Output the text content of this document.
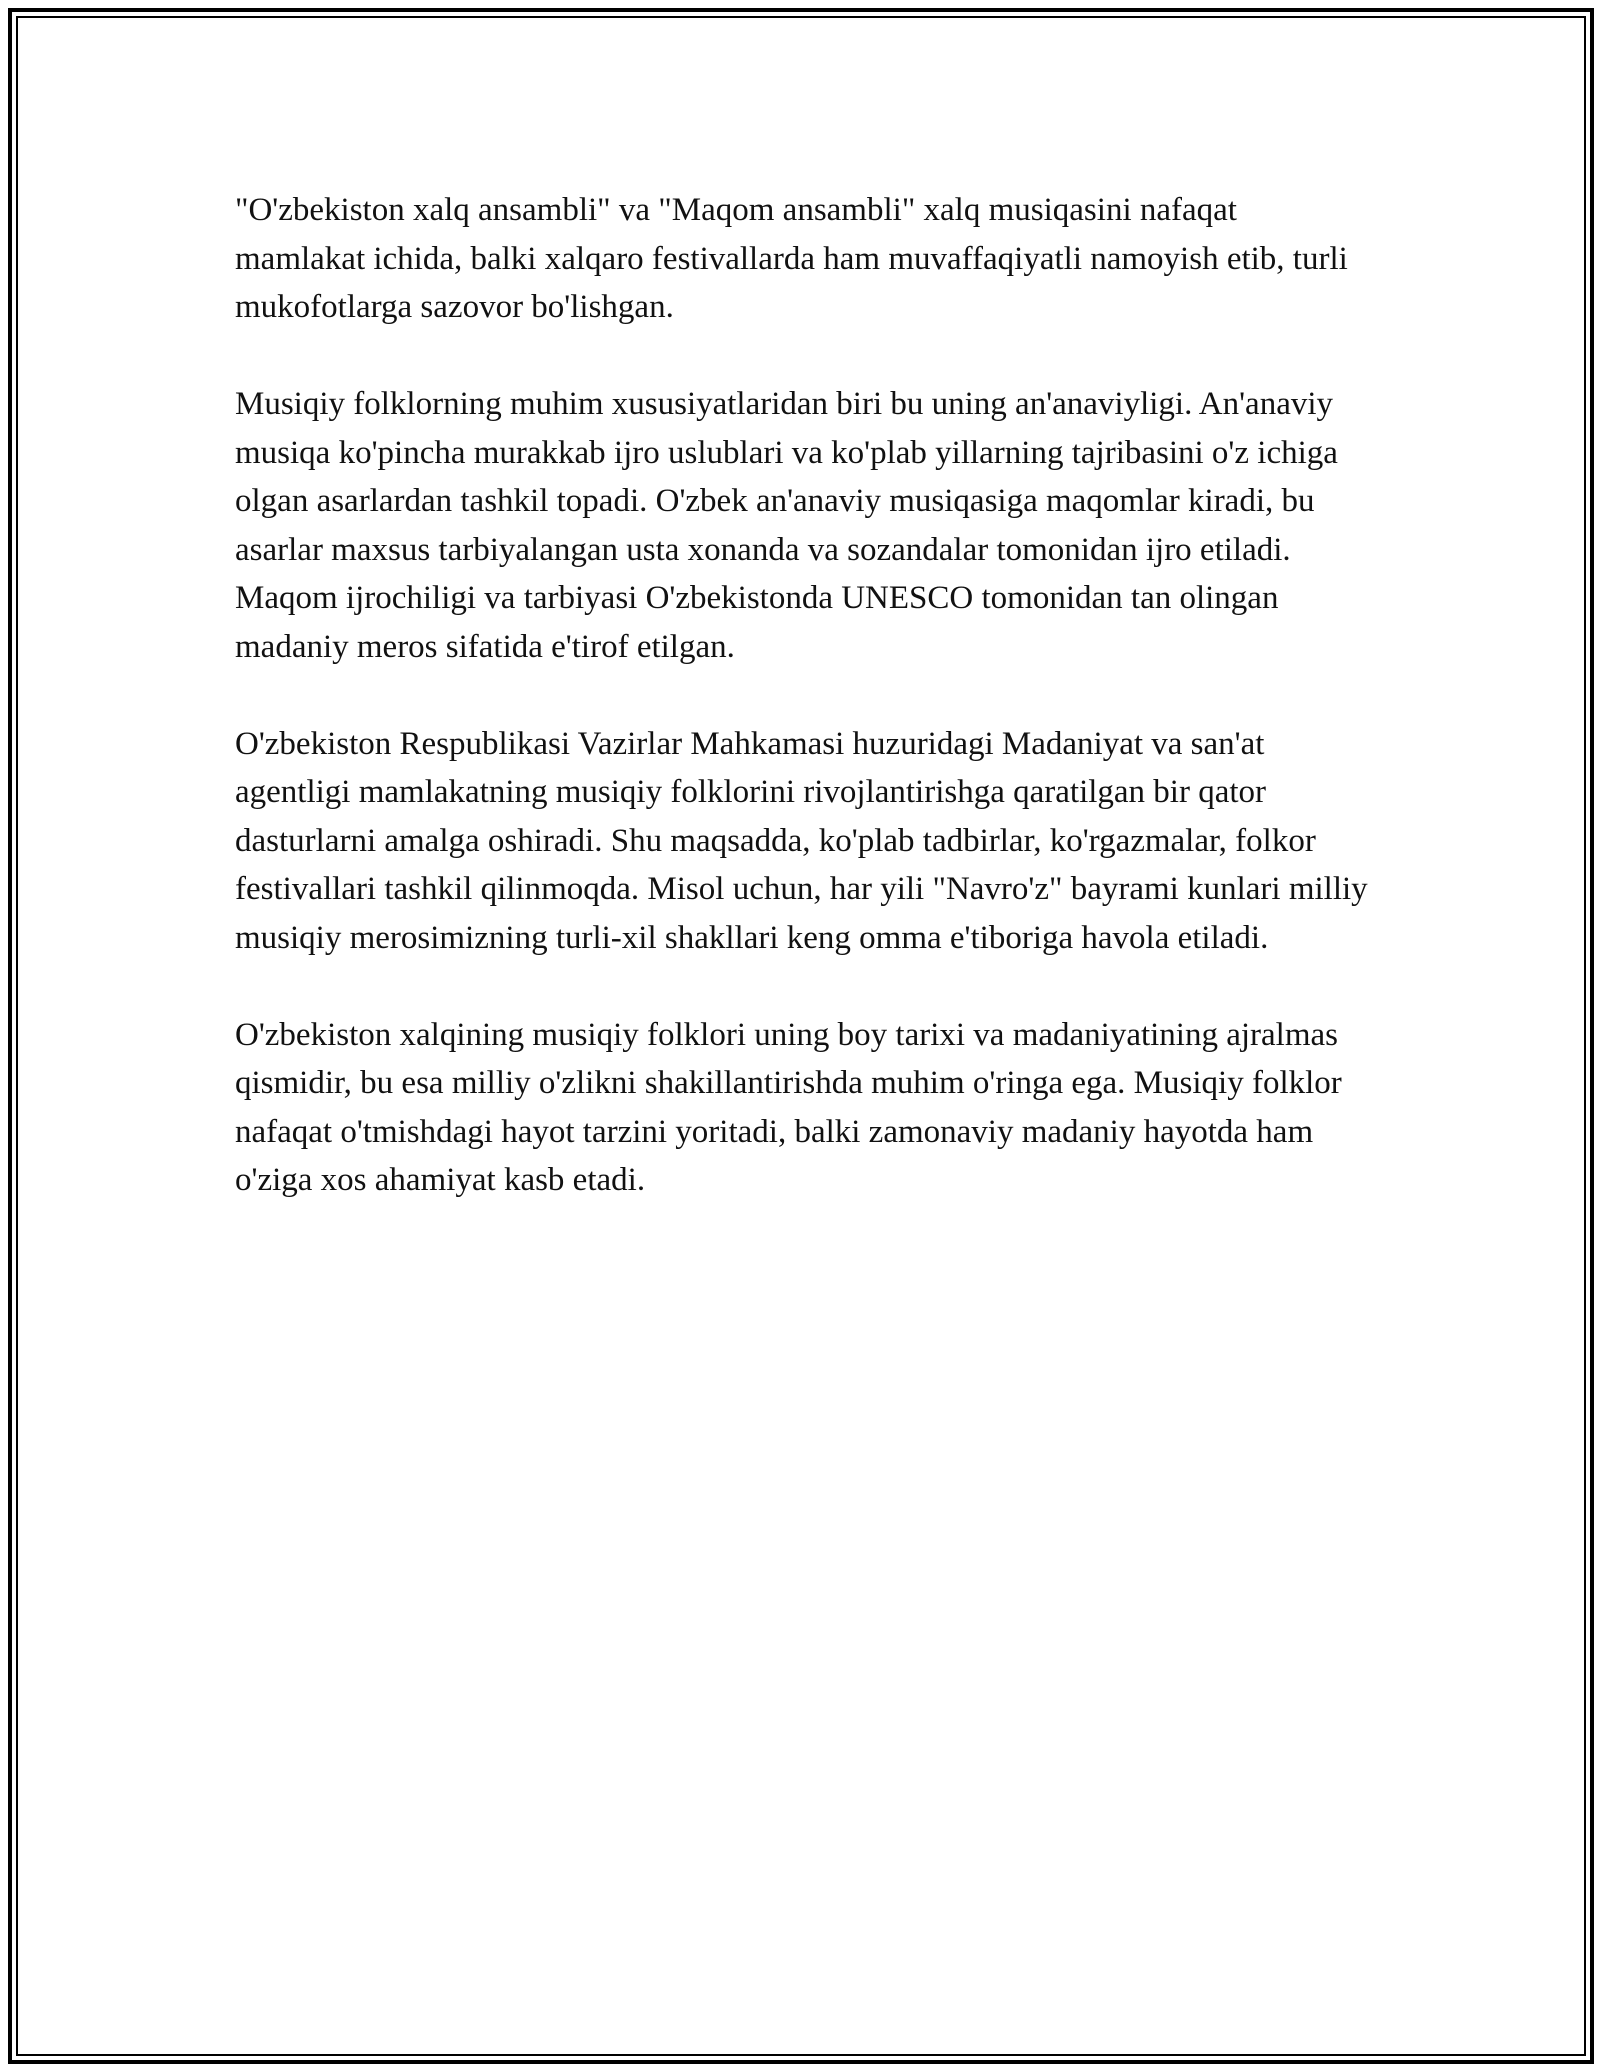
"O'zbekiston xalq ansambli" va "Maqom ansambli" xalq musiqasini nafaqat mamlakat ichida, balki xalqaro festivallarda ham muvaffaqiyatli namoyish etib, turli mukofotlarga sazovor bo'lishgan.

Musiqiy folklorning muhim xususiyatlaridan biri bu uning an'anaviyligi. An'anaviy musiqa ko'pincha murakkab ijro uslublari va ko'plab yillarning tajribasini o'z ichiga olgan asarlardan tashkil topadi. O'zbek an'anaviy musiqasiga maqomlar kiradi, bu asarlar maxsus tarbiyalangan usta xonanda va sozandalar tomonidan ijro etiladi. Maqom ijrochiligi va tarbiyasi O'zbekistonda UNESCO tomonidan tan olingan madaniy meros sifatida e'tirof etilgan.

O'zbekiston Respublikasi Vazirlar Mahkamasi huzuridagi Madaniyat va san'at agentligi mamlakatning musiqiy folklorini rivojlantirishga qaratilgan bir qator dasturlarni amalga oshiradi. Shu maqsadda, ko'plab tadbirlar, ko'rgazmalar, folkor festivallari tashkil qilinmoqda. Misol uchun, har yili "Navro'z" bayrami kunlari milliy musiqiy merosimizning turli-xil shakllari keng omma e'tiboriga havola etiladi.

O'zbekiston xalqining musiqiy folklori uning boy tarixi va madaniyatining ajralmas qismidir, bu esa milliy o'zlikni shakillantirishda muhim o'ringa ega. Musiqiy folklor nafaqat o'tmishdagi hayot tarzini yoritadi, balki zamonaviy madaniy hayotda ham o'ziga xos ahamiyat kasb etadi.
